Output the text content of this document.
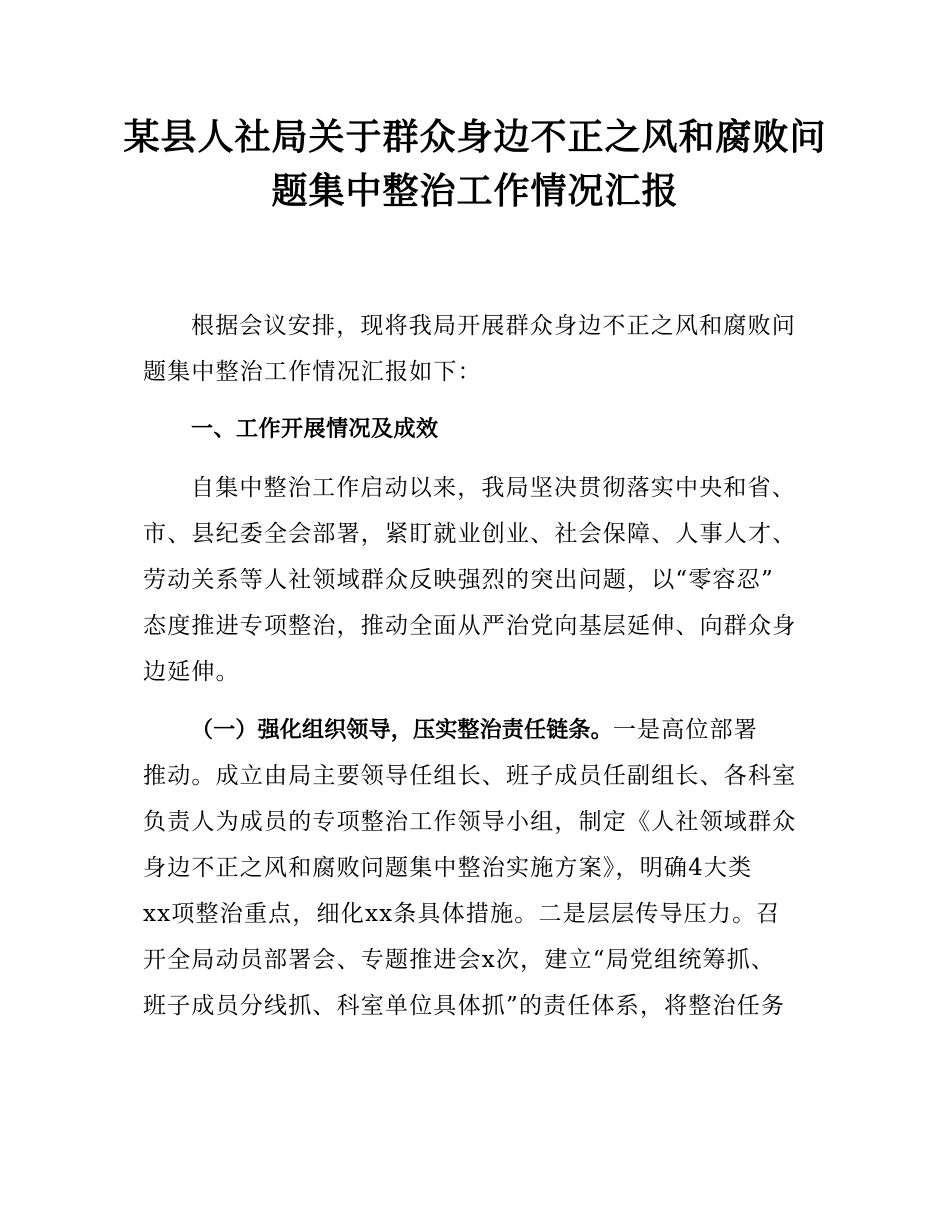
某县人社局关于群众身边不正之风和腐败问
题集中整治工作情况汇报
根据会议安排，现将我局开展群众身边不正之风和腐败问
题集中整治工作情况汇报如下：
一、工作开展情况及成效
自集中整治工作启动以来，我局坚决贯彻落实中央和省、
市、县纪委全会部署，紧盯就业创业、社会保障、人事人才、
劳动关系等人社领域群众反映强烈的突出问题，以“零容忍”
态度推进专项整治，推动全面从严治党向基层延伸、向群众身
边延伸。
（一）强化组织领导，压实整治责任链条。一是高位部署
推动。成立由局主要领导任组长、班子成员任副组长、各科室
负责人为成员的专项整治工作领导小组，制定《人社领域群众
身边不正之风和腐败问题集中整治实施方案》，明确4大类
xx项整治重点，细化xx条具体措施。二是层层传导压力。召
开全局动员部署会、专题推进会x次，建立“局党组统筹抓、
班子成员分线抓、科室单位具体抓”的责任体系，将整治任务
